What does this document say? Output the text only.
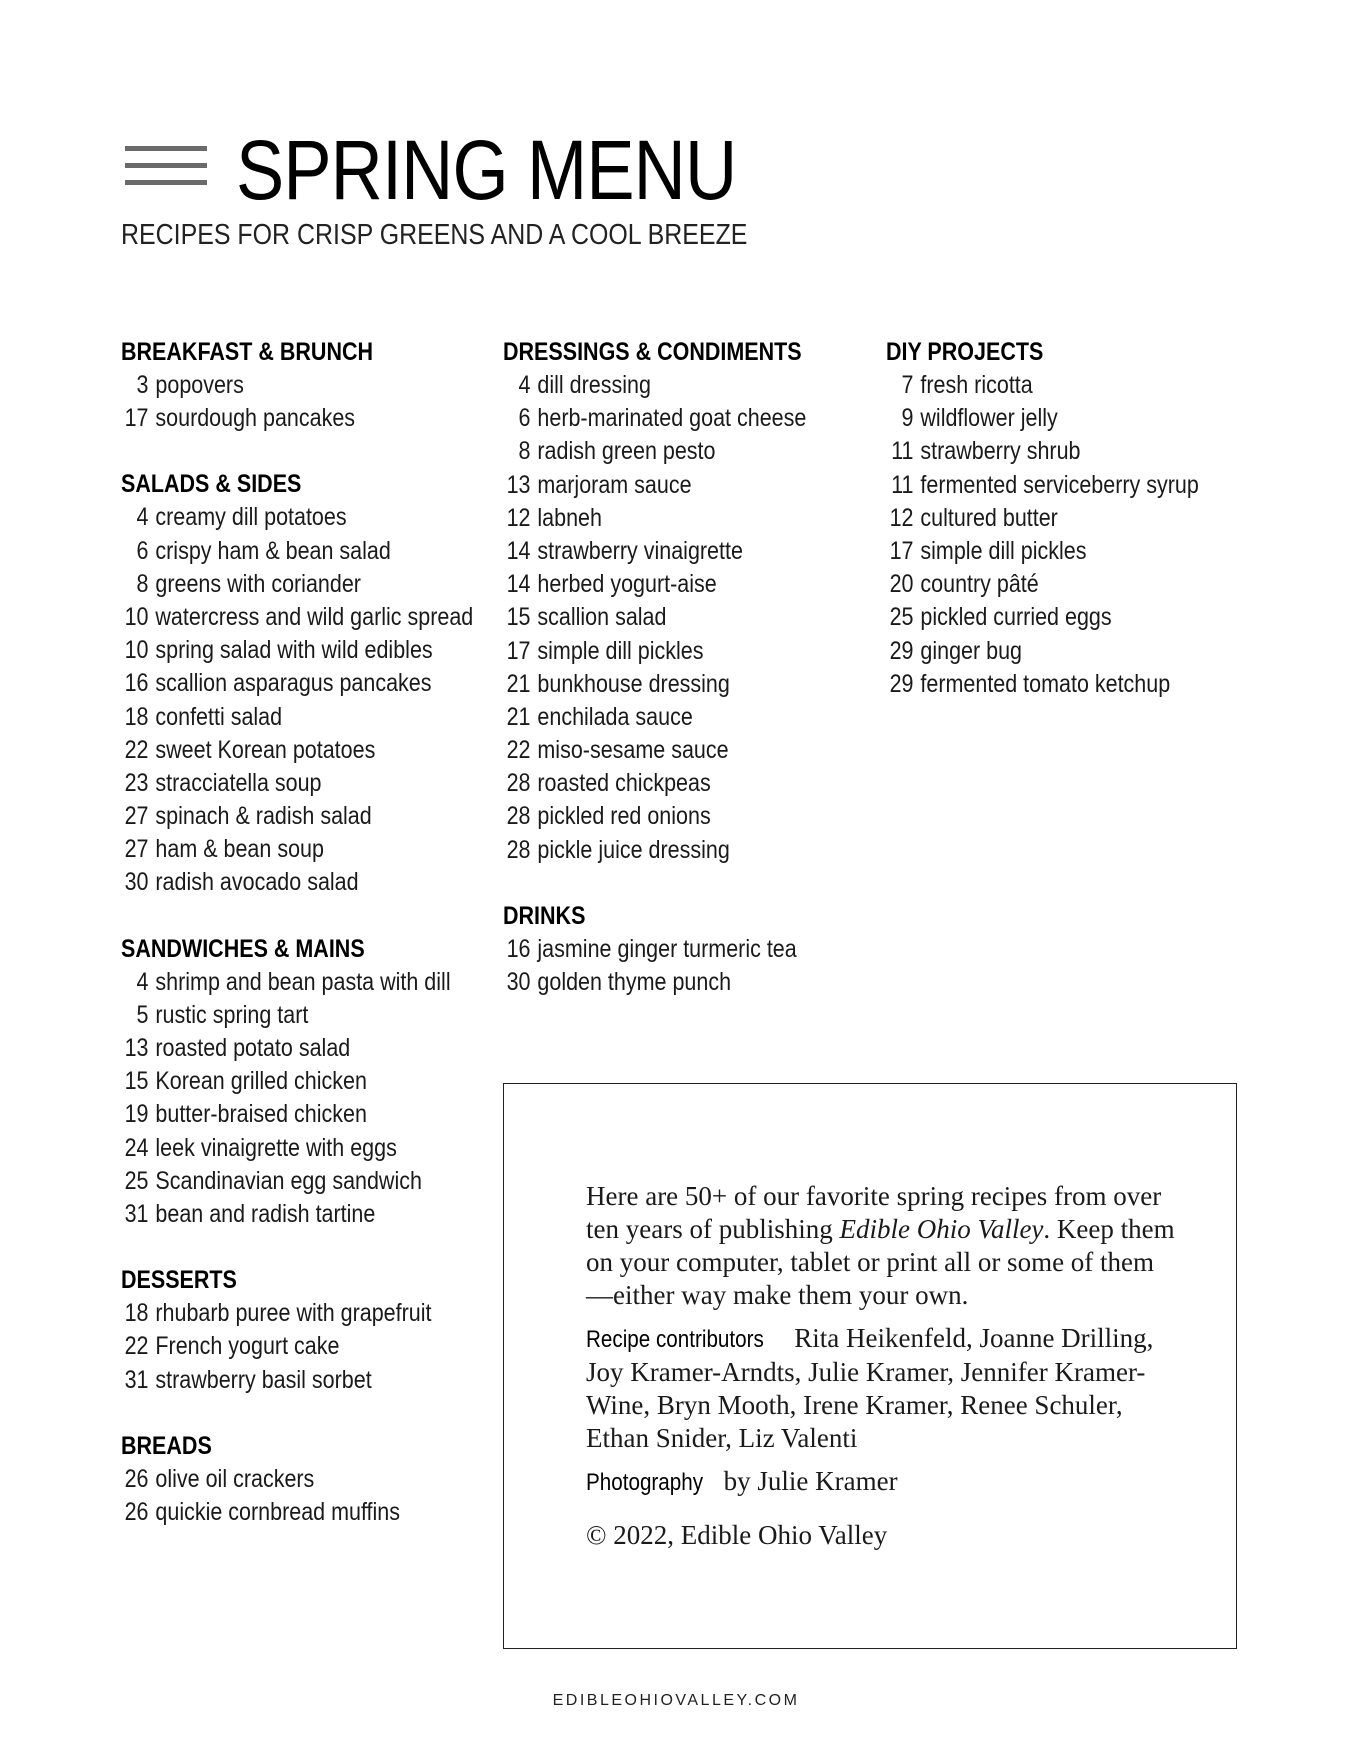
SPRING MENU
RECIPES FOR CRISP GREENS AND A COOL BREEZE
BREAKFAST & BRUNCH
3 popovers
17 sourdough pancakes
SALADS & SIDES
4 creamy dill potatoes
6 crispy ham & bean salad
8 greens with coriander
10 watercress and wild garlic spread
10 spring salad with wild edibles
16 scallion asparagus pancakes
18 confetti salad
22 sweet Korean potatoes
23 stracciatella soup
27 spinach & radish salad
27 ham & bean soup
30 radish avocado salad
SANDWICHES & MAINS
4 shrimp and bean pasta with dill
5 rustic spring tart
13 roasted potato salad
15 Korean grilled chicken
19 butter-braised chicken
24 leek vinaigrette with eggs
25 Scandinavian egg sandwich
31 bean and radish tartine
DESSERTS
18 rhubarb puree with grapefruit
22 French yogurt cake
31 strawberry basil sorbet
BREADS
26 olive oil crackers
26 quickie cornbread muffins
DRESSINGS & CONDIMENTS
4 dill dressing
6 herb-marinated goat cheese
8 radish green pesto
13 marjoram sauce
12 labneh
14 strawberry vinaigrette
14 herbed yogurt-aise
15 scallion salad
17 simple dill pickles
21 bunkhouse dressing
21 enchilada sauce
22 miso-sesame sauce
28 roasted chickpeas
28 pickled red onions
28 pickle juice dressing
DRINKS
16 jasmine ginger turmeric tea
30 golden thyme punch
DIY PROJECTS
7 fresh ricotta
9 wildflower jelly
11 strawberry shrub
11 fermented serviceberry syrup
12 cultured butter
17 simple dill pickles
20 country pâté
25 pickled curried eggs
29 ginger bug
29 fermented tomato ketchup

Here are 50+ of our favorite spring recipes from over ten years of publishing Edible Ohio Valley. Keep them on your computer, tablet or print all or some of them—either way make them your own.

Recipe contributors Rita Heikenfeld, Joanne Drilling, Joy Kramer-Arndts, Julie Kramer, Jennifer Kramer-Wine, Bryn Mooth, Irene Kramer, Renee Schuler, Ethan Snider, Liz Valenti

Photography by Julie Kramer

© 2022, Edible Ohio Valley

EDIBLEOHIOVALLEY.COM
